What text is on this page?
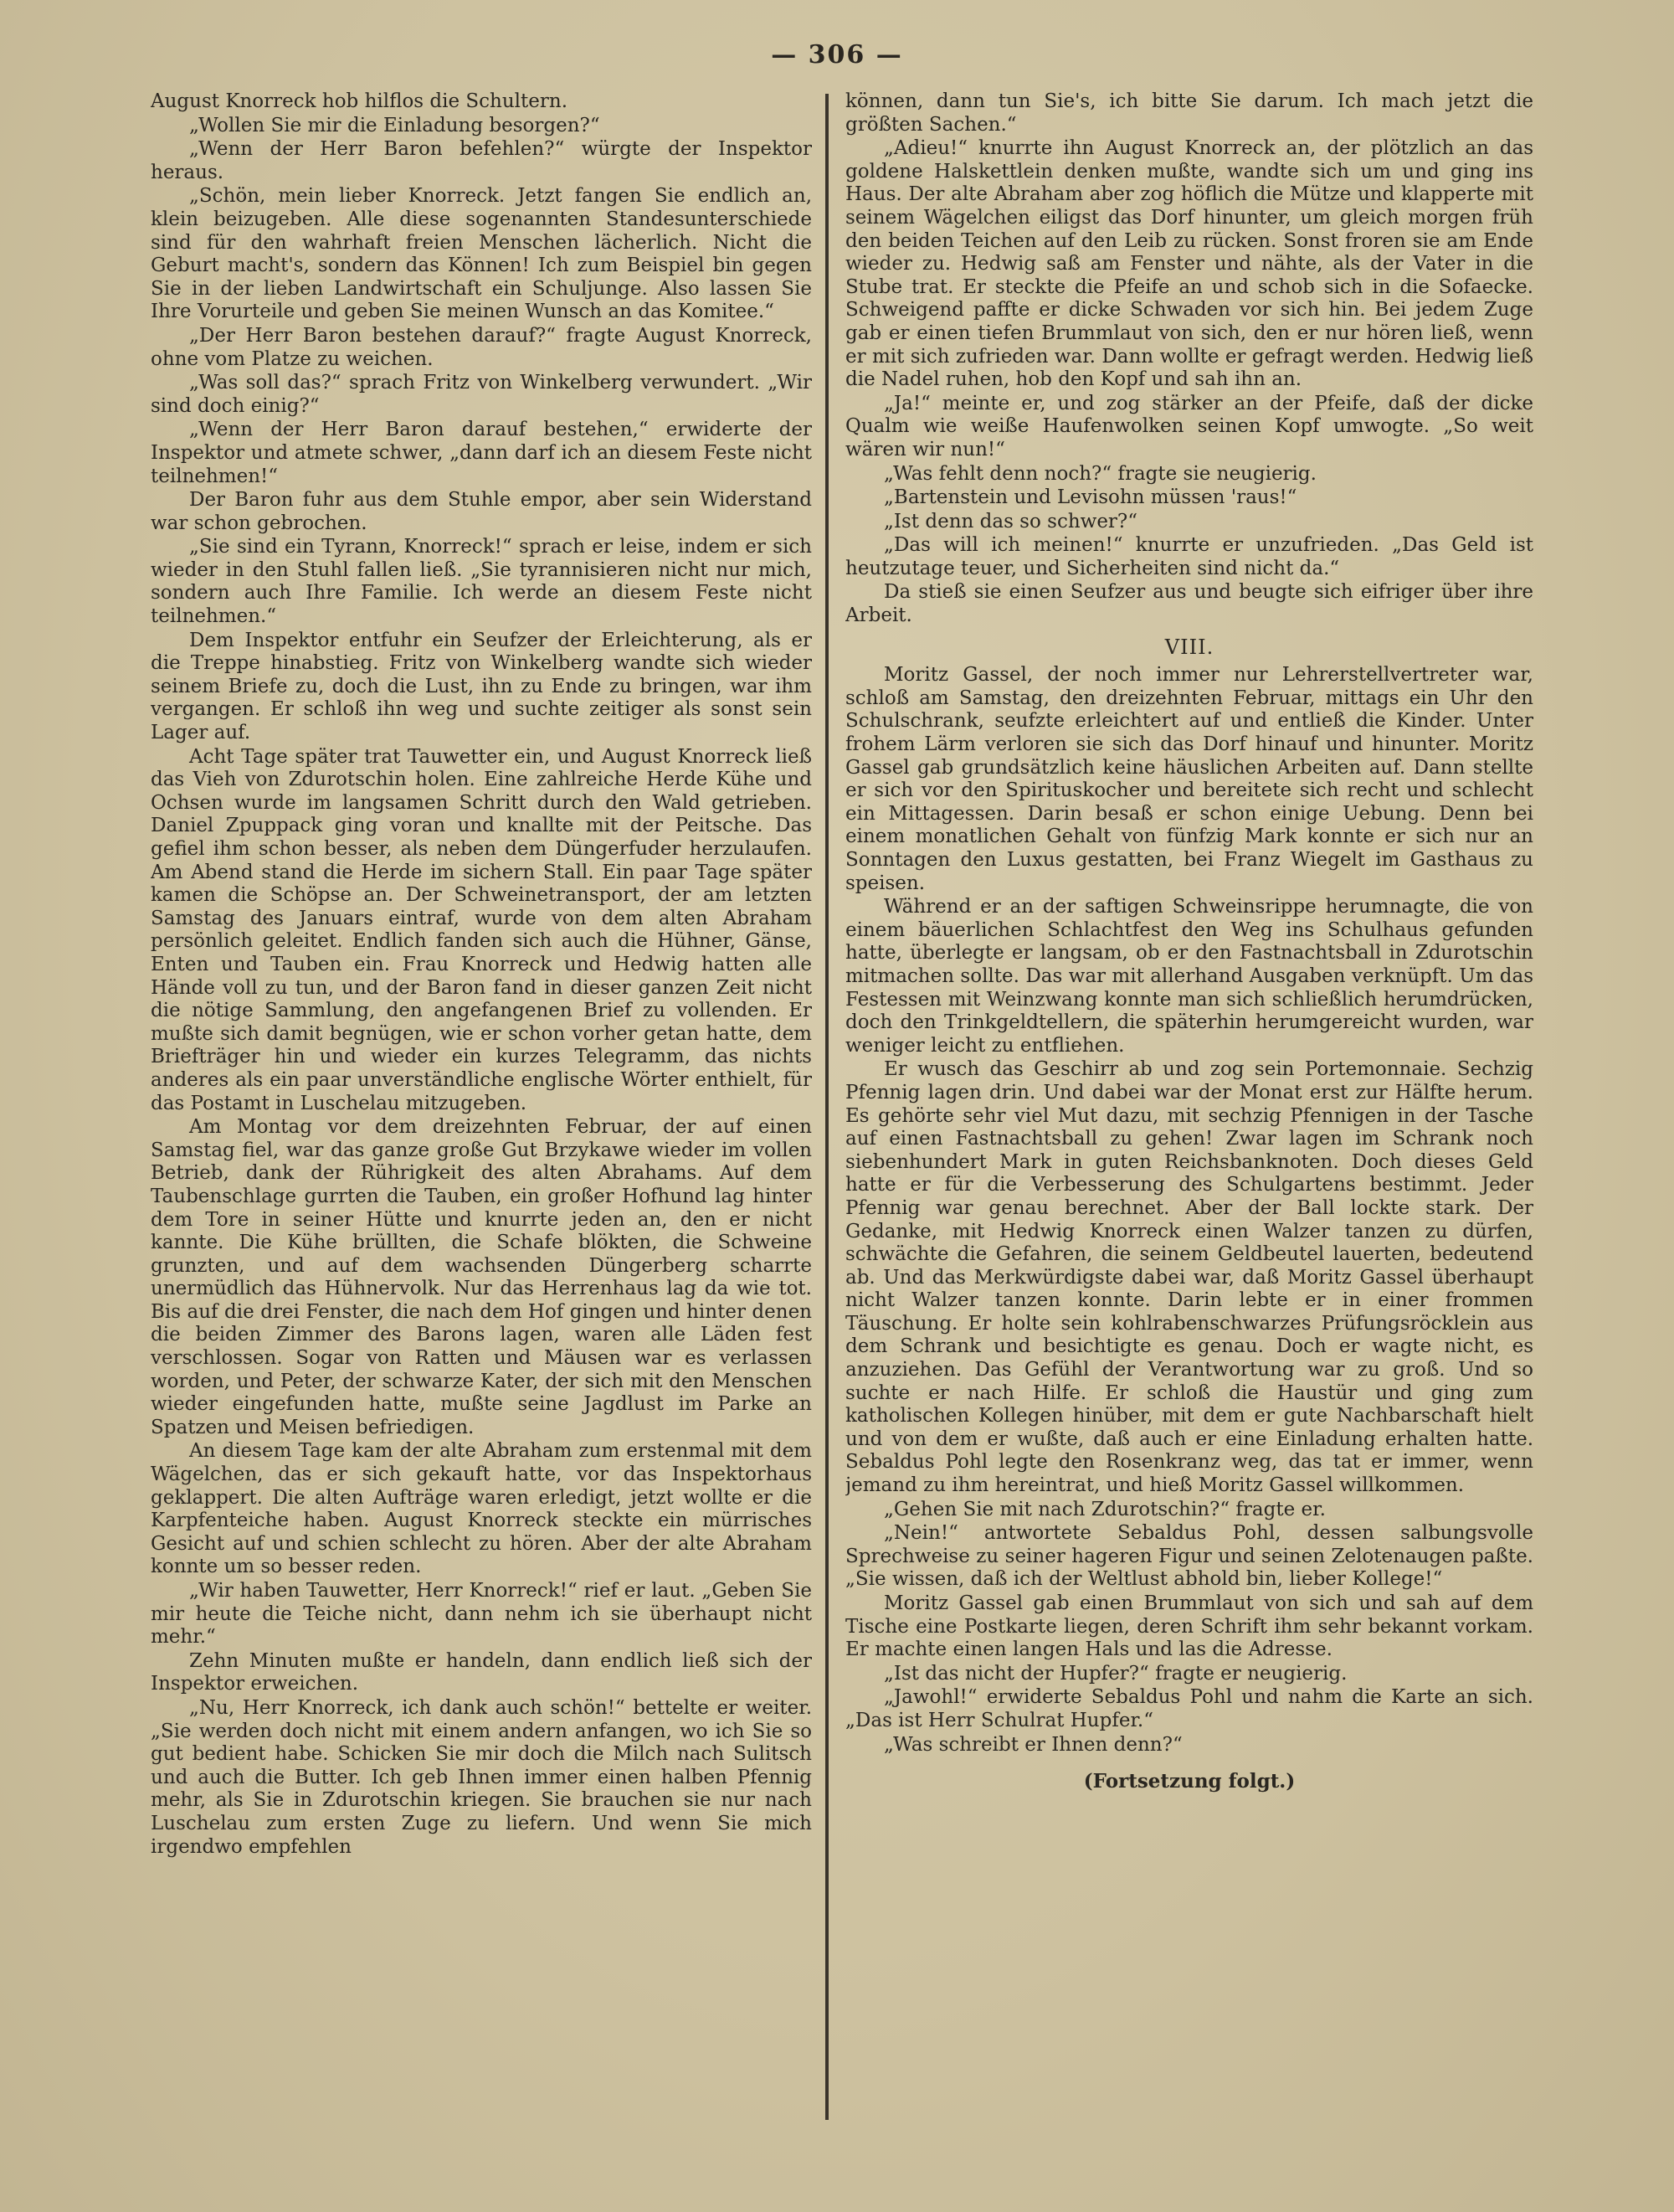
— 306 —

August Knorreck hob hilflos die Schultern.

„Wollen Sie mir die Einladung besorgen?“

„Wenn der Herr Baron befehlen?“ würgte der Inspektor heraus.

„Schön, mein lieber Knorreck. Jetzt fangen Sie endlich an, klein beizugeben. Alle diese sogenannten Standesunterschiede sind für den wahrhaft freien Menschen lächerlich. Nicht die Geburt macht's, sondern das Können! Ich zum Beispiel bin gegen Sie in der lieben Landwirtschaft ein Schuljunge. Also lassen Sie Ihre Vorurteile und geben Sie meinen Wunsch an das Komitee.“

„Der Herr Baron bestehen darauf?“ fragte August Knorreck, ohne vom Platze zu weichen.

„Was soll das?“ sprach Fritz von Winkelberg verwundert. „Wir sind doch einig?“

„Wenn der Herr Baron darauf bestehen,“ erwiderte der Inspektor und atmete schwer, „dann darf ich an diesem Feste nicht teilnehmen!“

Der Baron fuhr aus dem Stuhle empor, aber sein Widerstand war schon gebrochen.

„Sie sind ein Tyrann, Knorreck!“ sprach er leise, indem er sich wieder in den Stuhl fallen ließ. „Sie tyrannisieren nicht nur mich, sondern auch Ihre Familie. Ich werde an diesem Feste nicht teilnehmen.“

Dem Inspektor entfuhr ein Seufzer der Erleichterung, als er die Treppe hinabstieg. Fritz von Winkelberg wandte sich wieder seinem Briefe zu, doch die Lust, ihn zu Ende zu bringen, war ihm vergangen. Er schloß ihn weg und suchte zeitiger als sonst sein Lager auf.

Acht Tage später trat Tauwetter ein, und August Knorreck ließ das Vieh von Zdurotschin holen. Eine zahlreiche Herde Kühe und Ochsen wurde im langsamen Schritt durch den Wald getrieben. Daniel Zpuppack ging voran und knallte mit der Peitsche. Das gefiel ihm schon besser, als neben dem Düngerfuder herzulaufen. Am Abend stand die Herde im sichern Stall. Ein paar Tage später kamen die Schöpse an. Der Schweinetransport, der am letzten Samstag des Januars eintraf, wurde von dem alten Abraham persönlich geleitet. Endlich fanden sich auch die Hühner, Gänse, Enten und Tauben ein. Frau Knorreck und Hedwig hatten alle Hände voll zu tun, und der Baron fand in dieser ganzen Zeit nicht die nötige Sammlung, den angefangenen Brief zu vollenden. Er mußte sich damit begnügen, wie er schon vorher getan hatte, dem Briefträger hin und wieder ein kurzes Telegramm, das nichts anderes als ein paar unverständliche englische Wörter enthielt, für das Postamt in Luschelau mitzugeben.

Am Montag vor dem dreizehnten Februar, der auf einen Samstag fiel, war das ganze große Gut Brzykawe wieder im vollen Betrieb, dank der Rührigkeit des alten Abrahams. Auf dem Taubenschlage gurrten die Tauben, ein großer Hofhund lag hinter dem Tore in seiner Hütte und knurrte jeden an, den er nicht kannte. Die Kühe brüllten, die Schafe blökten, die Schweine grunzten, und auf dem wachsenden Düngerberg scharrte unermüdlich das Hühnervolk. Nur das Herrenhaus lag da wie tot. Bis auf die drei Fenster, die nach dem Hof gingen und hinter denen die beiden Zimmer des Barons lagen, waren alle Läden fest verschlossen. Sogar von Ratten und Mäusen war es verlassen worden, und Peter, der schwarze Kater, der sich mit den Menschen wieder eingefunden hatte, mußte seine Jagdlust im Parke an Spatzen und Meisen befriedigen.

An diesem Tage kam der alte Abraham zum erstenmal mit dem Wägelchen, das er sich gekauft hatte, vor das Inspektorhaus geklappert. Die alten Aufträge waren erledigt, jetzt wollte er die Karpfenteiche haben. August Knorreck steckte ein mürrisches Gesicht auf und schien schlecht zu hören. Aber der alte Abraham konnte um so besser reden.

„Wir haben Tauwetter, Herr Knorreck!“ rief er laut. „Geben Sie mir heute die Teiche nicht, dann nehm ich sie überhaupt nicht mehr.“

Zehn Minuten mußte er handeln, dann endlich ließ sich der Inspektor erweichen.

„Nu, Herr Knorreck, ich dank auch schön!“ bettelte er weiter. „Sie werden doch nicht mit einem andern anfangen, wo ich Sie so gut bedient habe. Schicken Sie mir doch die Milch nach Sulitsch und auch die Butter. Ich geb Ihnen immer einen halben Pfennig mehr, als Sie in Zdurotschin kriegen. Sie brauchen sie nur nach Luschelau zum ersten Zuge zu liefern. Und wenn Sie mich irgendwo empfehlen

können, dann tun Sie's, ich bitte Sie darum. Ich mach jetzt die größten Sachen.“

„Adieu!“ knurrte ihn August Knorreck an, der plötzlich an das goldene Halskettlein denken mußte, wandte sich um und ging ins Haus. Der alte Abraham aber zog höflich die Mütze und klapperte mit seinem Wägelchen eiligst das Dorf hinunter, um gleich morgen früh den beiden Teichen auf den Leib zu rücken. Sonst froren sie am Ende wieder zu. Hedwig saß am Fenster und nähte, als der Vater in die Stube trat. Er steckte die Pfeife an und schob sich in die Sofaecke. Schweigend paffte er dicke Schwaden vor sich hin. Bei jedem Zuge gab er einen tiefen Brummlaut von sich, den er nur hören ließ, wenn er mit sich zufrieden war. Dann wollte er gefragt werden. Hedwig ließ die Nadel ruhen, hob den Kopf und sah ihn an.

„Ja!“ meinte er, und zog stärker an der Pfeife, daß der dicke Qualm wie weiße Haufenwolken seinen Kopf umwogte. „So weit wären wir nun!“

„Was fehlt denn noch?“ fragte sie neugierig.

„Bartenstein und Levisohn müssen 'raus!“

„Ist denn das so schwer?“

„Das will ich meinen!“ knurrte er unzufrieden. „Das Geld ist heutzutage teuer, und Sicherheiten sind nicht da.“

Da stieß sie einen Seufzer aus und beugte sich eifriger über ihre Arbeit.

VIII.

Moritz Gassel, der noch immer nur Lehrerstellvertreter war, schloß am Samstag, den dreizehnten Februar, mittags ein Uhr den Schulschrank, seufzte erleichtert auf und entließ die Kinder. Unter frohem Lärm verloren sie sich das Dorf hinauf und hinunter. Moritz Gassel gab grundsätzlich keine häuslichen Arbeiten auf. Dann stellte er sich vor den Spirituskocher und bereitete sich recht und schlecht ein Mittagessen. Darin besaß er schon einige Uebung. Denn bei einem monatlichen Gehalt von fünfzig Mark konnte er sich nur an Sonntagen den Luxus gestatten, bei Franz Wiegelt im Gasthaus zu speisen.

Während er an der saftigen Schweinsrippe herumnagte, die von einem bäuerlichen Schlachtfest den Weg ins Schulhaus gefunden hatte, überlegte er langsam, ob er den Fastnachtsball in Zdurotschin mitmachen sollte. Das war mit allerhand Ausgaben verknüpft. Um das Festessen mit Weinzwang konnte man sich schließlich herumdrücken, doch den Trinkgeldtellern, die späterhin herumgereicht wurden, war weniger leicht zu entfliehen.

Er wusch das Geschirr ab und zog sein Portemonnaie. Sechzig Pfennig lagen drin. Und dabei war der Monat erst zur Hälfte herum. Es gehörte sehr viel Mut dazu, mit sechzig Pfennigen in der Tasche auf einen Fastnachtsball zu gehen! Zwar lagen im Schrank noch siebenhundert Mark in guten Reichsbanknoten. Doch dieses Geld hatte er für die Verbesserung des Schulgartens bestimmt. Jeder Pfennig war genau berechnet. Aber der Ball lockte stark. Der Gedanke, mit Hedwig Knorreck einen Walzer tanzen zu dürfen, schwächte die Gefahren, die seinem Geldbeutel lauerten, bedeutend ab. Und das Merkwürdigste dabei war, daß Moritz Gassel überhaupt nicht Walzer tanzen konnte. Darin lebte er in einer frommen Täuschung. Er holte sein kohlrabenschwarzes Prüfungsröcklein aus dem Schrank und besichtigte es genau. Doch er wagte nicht, es anzuziehen. Das Gefühl der Verantwortung war zu groß. Und so suchte er nach Hilfe. Er schloß die Haustür und ging zum katholischen Kollegen hinüber, mit dem er gute Nachbarschaft hielt und von dem er wußte, daß auch er eine Einladung erhalten hatte. Sebaldus Pohl legte den Rosenkranz weg, das tat er immer, wenn jemand zu ihm hereintrat, und hieß Moritz Gassel willkommen.

„Gehen Sie mit nach Zdurotschin?“ fragte er.

„Nein!“ antwortete Sebaldus Pohl, dessen salbungsvolle Sprechweise zu seiner hageren Figur und seinen Zelotenaugen paßte. „Sie wissen, daß ich der Weltlust abhold bin, lieber Kollege!“

Moritz Gassel gab einen Brummlaut von sich und sah auf dem Tische eine Postkarte liegen, deren Schrift ihm sehr bekannt vorkam. Er machte einen langen Hals und las die Adresse.

„Ist das nicht der Hupfer?“ fragte er neugierig.

„Jawohl!“ erwiderte Sebaldus Pohl und nahm die Karte an sich. „Das ist Herr Schulrat Hupfer.“

„Was schreibt er Ihnen denn?“

(Fortsetzung folgt.)
